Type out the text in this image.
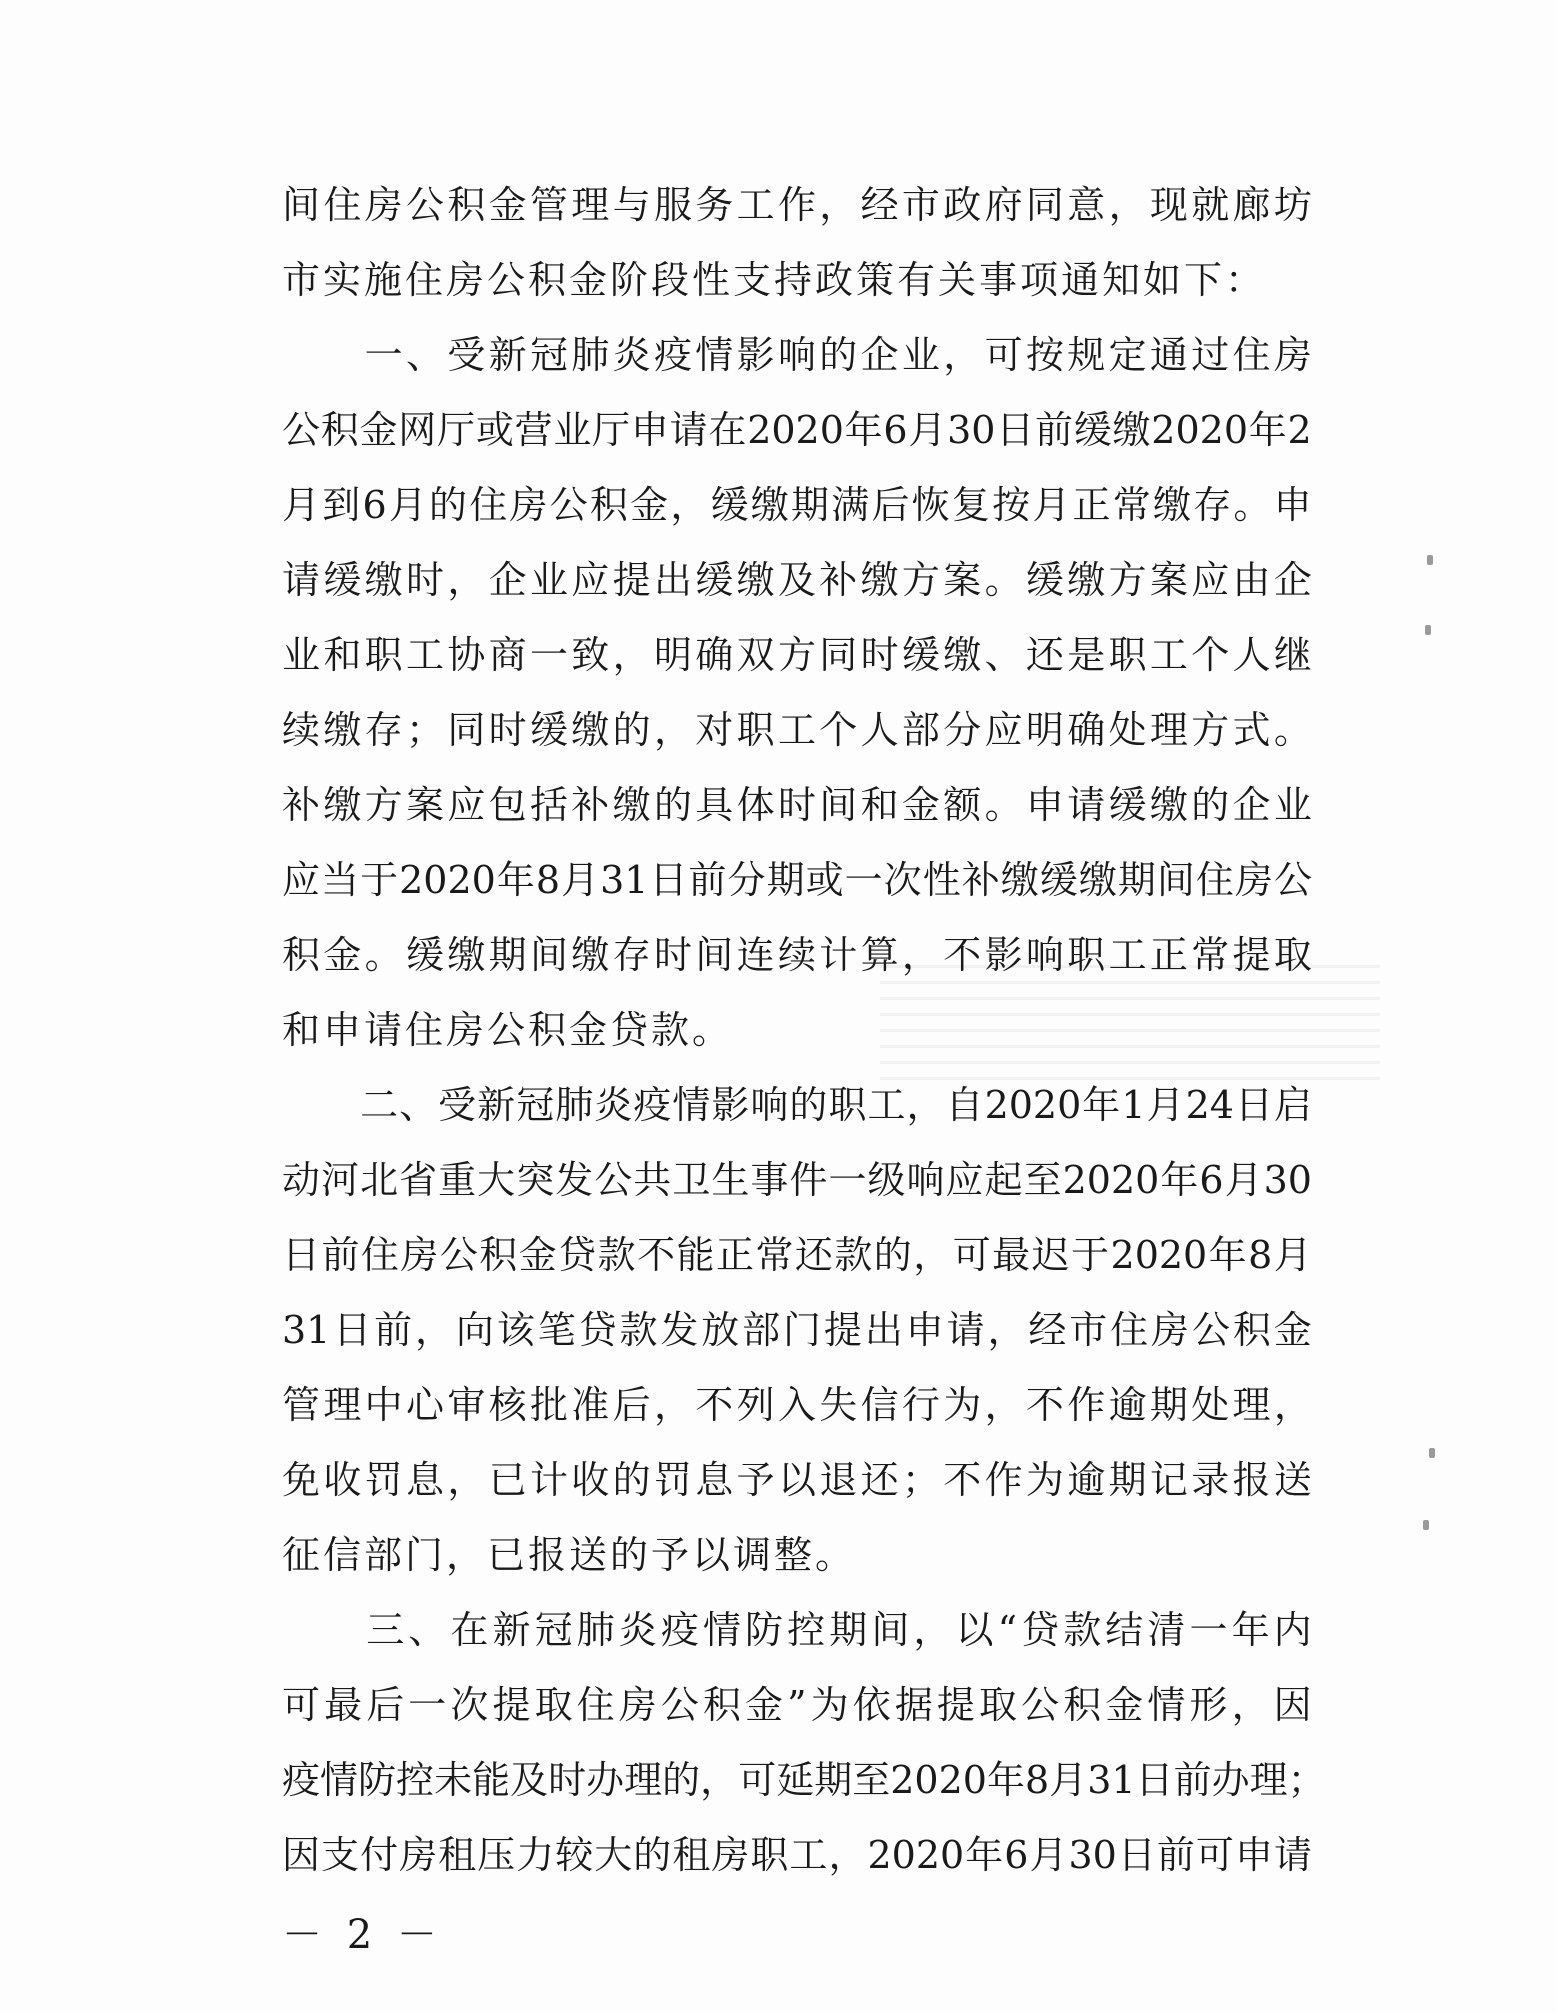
间 住 房 公 积 金 管 理 与 服 务 工 作 ， 经 市 政 府 同 意 ， 现 就 廊 坊
市实施住房公积金阶段性支持政策有关事项通知如下：

一 、 受 新 冠 肺 炎 疫 情 影 响 的 企 业 ， 可 按 规 定 通 过 住 房
公 积 金 网 厅 或 营 业 厅 申 请 在 2020 年 6 月 30 日 前 缓 缴 2020 年 2
月 到 6 月 的 住 房 公 积 金 ， 缓 缴 期 满 后 恢 复 按 月 正 常 缴 存 。 申
请 缓 缴 时 ， 企 业 应 提 出 缓 缴 及 补 缴 方 案 。 缓 缴 方 案 应 由 企
业 和 职 工 协 商 一 致 ， 明 确 双 方 同 时 缓 缴 、 还 是 职 工 个 人 继
续 缴 存 ； 同 时 缓 缴 的 ， 对 职 工 个 人 部 分 应 明 确 处 理 方 式 。
补 缴 方 案 应 包 括 补 缴 的 具 体 时 间 和 金 额 。 申 请 缓 缴 的 企 业
应 当 于 2020 年 8 月 31 日 前 分 期 或 一 次 性 补 缴 缓 缴 期 间 住 房 公
积 金 。 缓 缴 期 间 缴 存 时 间 连 续 计 算 ， 不 影 响 职 工 正 常 提 取
和申请住房公积金贷款。

二 、 受 新 冠 肺 炎 疫 情 影 响 的 职 工 ， 自 2020 年 1 月 24 日 启
动 河 北 省 重 大 突 发 公 共 卫 生 事 件 一 级 响 应 起 至 2020 年 6 月 30
日 前 住 房 公 积 金 贷 款 不 能 正 常 还 款 的 ， 可 最 迟 于 2020 年 8 月
31 日 前 ， 向 该 笔 贷 款 发 放 部 门 提 出 申 请 ， 经 市 住 房 公 积 金
管 理 中 心 审 核 批 准 后 ， 不 列 入 失 信 行 为 ， 不 作 逾 期 处 理 ，
免 收 罚 息 ， 已 计 收 的 罚 息 予 以 退 还 ； 不 作 为 逾 期 记 录 报 送
征信部门，已报送的予以调整。

三 、 在 新 冠 肺 炎 疫 情 防 控 期 间 ， 以 “ 贷 款 结 清 一 年 内
可 最 后 一 次 提 取 住 房 公 积 金 ” 为 依 据 提 取 公 积 金 情 形 ， 因
疫 情 防 控 未 能 及 时 办 理 的 ， 可 延 期 至 2020 年 8 月 31 日 前 办 理 ；
因 支 付 房 租 压 力 较 大 的 租 房 职 工 ， 2020 年 6 月 30 日 前 可 申 请
－ 2 －
